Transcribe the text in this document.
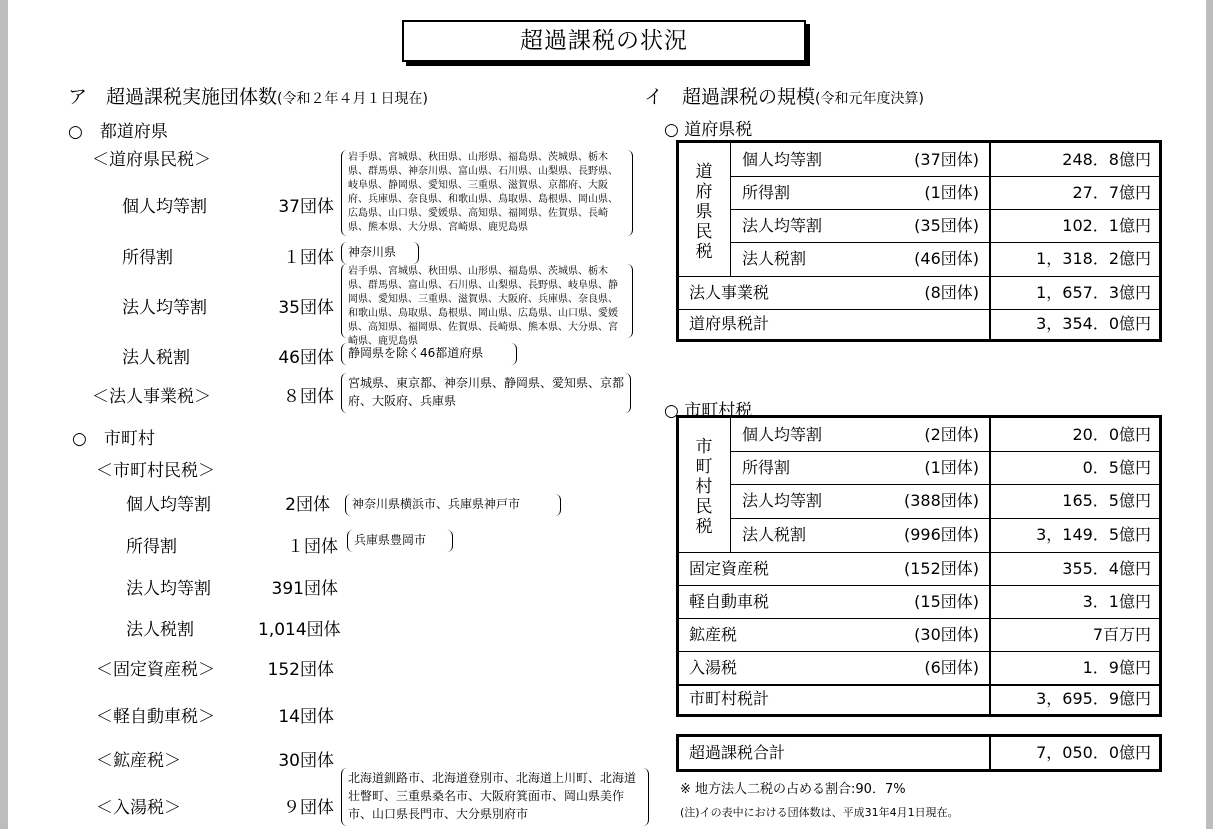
超過課税の状況
ア　超過課税実施団体数(令和２年４月１日現在)
○　都道府県
＜道府県民税＞
個人均等割	37団体
岩手県、宮城県、秋田県、山形県、福島県、茨城県、栃木県、群馬県、神奈川県、富山県、石川県、山梨県、長野県、岐阜県、静岡県、愛知県、三重県、滋賀県、京都府、大阪府、兵庫県、奈良県、和歌山県、鳥取県、島根県、岡山県、広島県、山口県、愛媛県、高知県、福岡県、佐賀県、長崎県、熊本県、大分県、宮崎県、鹿児島県
所得割	１団体	神奈川県
法人均等割	35団体
岩手県、宮城県、秋田県、山形県、福島県、茨城県、栃木県、群馬県、富山県、石川県、山梨県、長野県、岐阜県、静岡県、愛知県、三重県、滋賀県、大阪府、兵庫県、奈良県、和歌山県、鳥取県、島根県、岡山県、広島県、山口県、愛媛県、高知県、福岡県、佐賀県、長崎県、熊本県、大分県、宮崎県、鹿児島県
法人税割	46団体	静岡県を除く46都道府県
＜法人事業税＞	８団体
宮城県、東京都、神奈川県、静岡県、愛知県、京都府、大阪府、兵庫県
○　市町村
＜市町村民税＞
個人均等割	2団体	神奈川県横浜市、兵庫県神戸市
所得割	１団体	兵庫県豊岡市
法人均等割	391団体
法人税割	1,014団体
＜固定資産税＞	152団体
＜軽自動車税＞	14団体
＜鉱産税＞	30団体
＜入湯税＞	９団体
北海道釧路市、北海道登別市、北海道上川町、北海道壮瞥町、三重県桑名市、大阪府箕面市、岡山県美作市、山口県長門市、大分県別府市
イ　超過課税の規模(令和元年度決算)
○ 道府県税
道府県民税
個人均等割	(37団体)	248．8億円
所得割	(1団体)	27．7億円
法人均等割	(35団体)	102．1億円
法人税割	(46団体)	1，318．2億円
法人事業税	(8団体)	1，657．3億円
道府県税計	3，354．0億円
○ 市町村税
市町村民税
個人均等割	(2団体)	20．0億円
所得割	(1団体)	0．5億円
法人均等割	(388団体)	165．5億円
法人税割	(996団体)	3，149．5億円
固定資産税	(152団体)	355．4億円
軽自動車税	(15団体)	3．1億円
鉱産税	(30団体)	7百万円
入湯税	(6団体)	1．9億円
市町村税計	3，695．9億円
超過課税合計	7，050．0億円
※ 地方法人二税の占める割合:90．7%
(注)イの表中における団体数は、平成31年4月1日現在。
